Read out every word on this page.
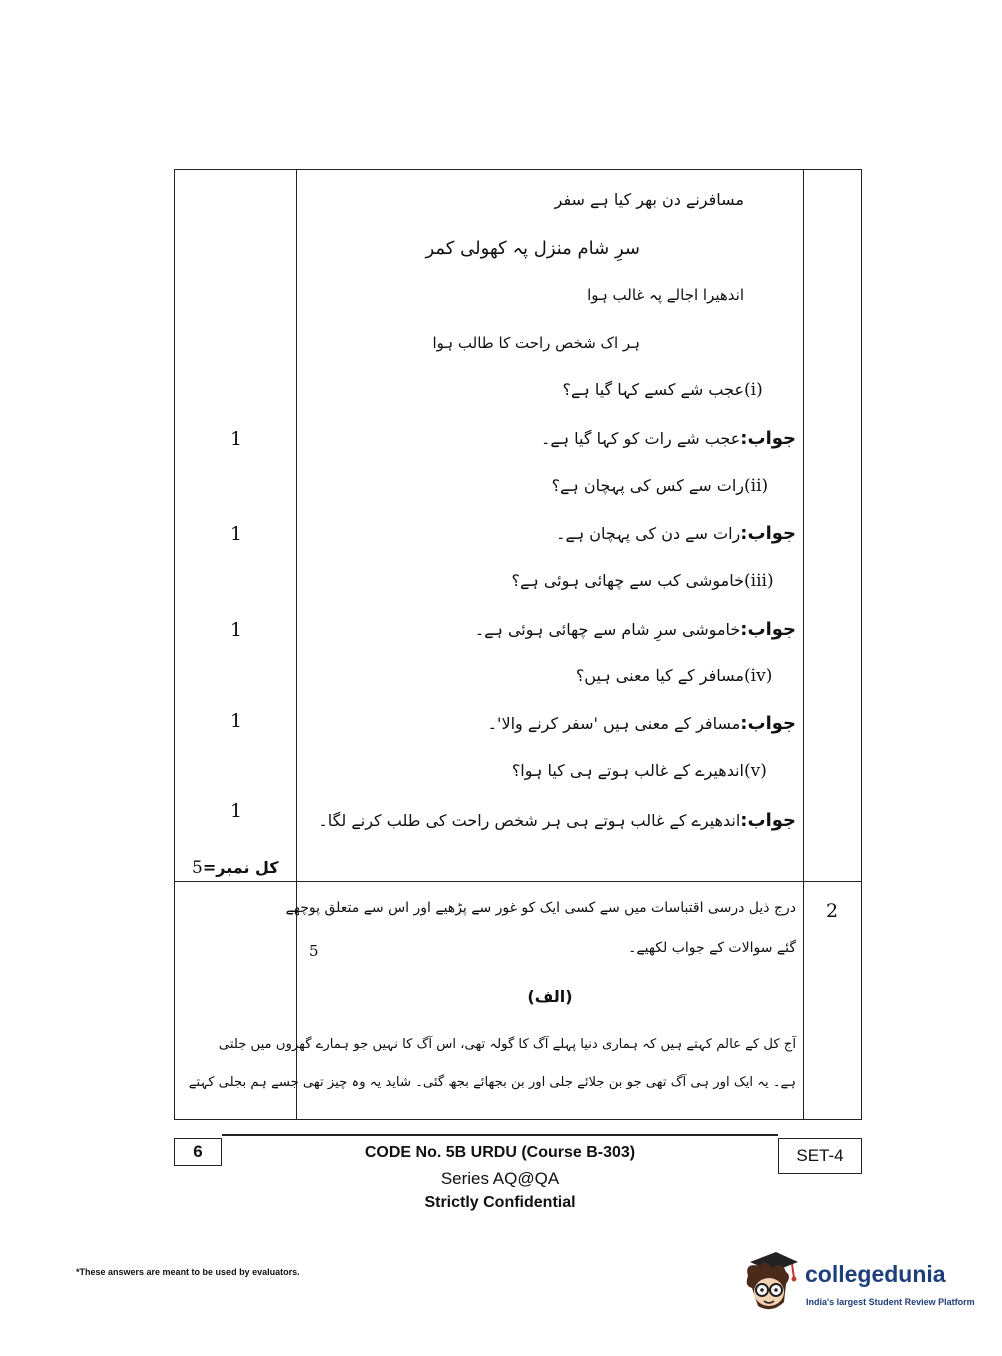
مسافرنے دن بھر کیا ہے سفر
سرِ شام منزل پہ کھولی کمر
اندھیرا اجالے پہ غالب ہوا
ہر اک شخص راحت کا طالب ہوا
(i)
عجب شے کسے کہا گیا ہے؟
جواب:عجب شے رات کو کہا گیا ہے۔
1
(ii)
رات سے کس کی پہچان ہے؟
جواب:رات سے دن کی پہچان ہے۔
1
(iii)
خاموشی کب سے چھائی ہوئی ہے؟
جواب:خاموشی سرِ شام سے چھائی ہوئی ہے۔
1
(iv)
مسافر کے کیا معنی ہیں؟
جواب:مسافر کے معنی ہیں 'سفر کرنے والا'۔
1
(v)
اندھیرے کے غالب ہوتے ہی کیا ہوا؟
جواب:اندھیرے کے غالب ہوتے ہی ہر شخص راحت کی طلب کرنے لگا۔
1
5کل نمبر=
2
درج ذیل درسی اقتباسات میں سے کسی ایک کو غور سے پڑھیے اور اس سے متعلق پوچھے
گئے سوالات کے جواب لکھیے۔
5
(الف)
آج کل کے عالم کہتے ہیں کہ ہماری دنیا پہلے آگ کا گولہ تھی، اس آگ کا نہیں جو ہمارے گھروں میں جلتی
ہے۔ یہ ایک اور ہی آگ تھی جو بن جلائے جلی اور بن بجھائے بجھ گئی۔ شاید یہ وہ چیز تھی جسے ہم بجلی کہتے
6	SET-4
CODE No. 5B URDU (Course B-303)
Series AQ@QA
Strictly Confidential
*These answers are meant to be used by evaluators.	collegedunia
India's largest Student Review Platform
